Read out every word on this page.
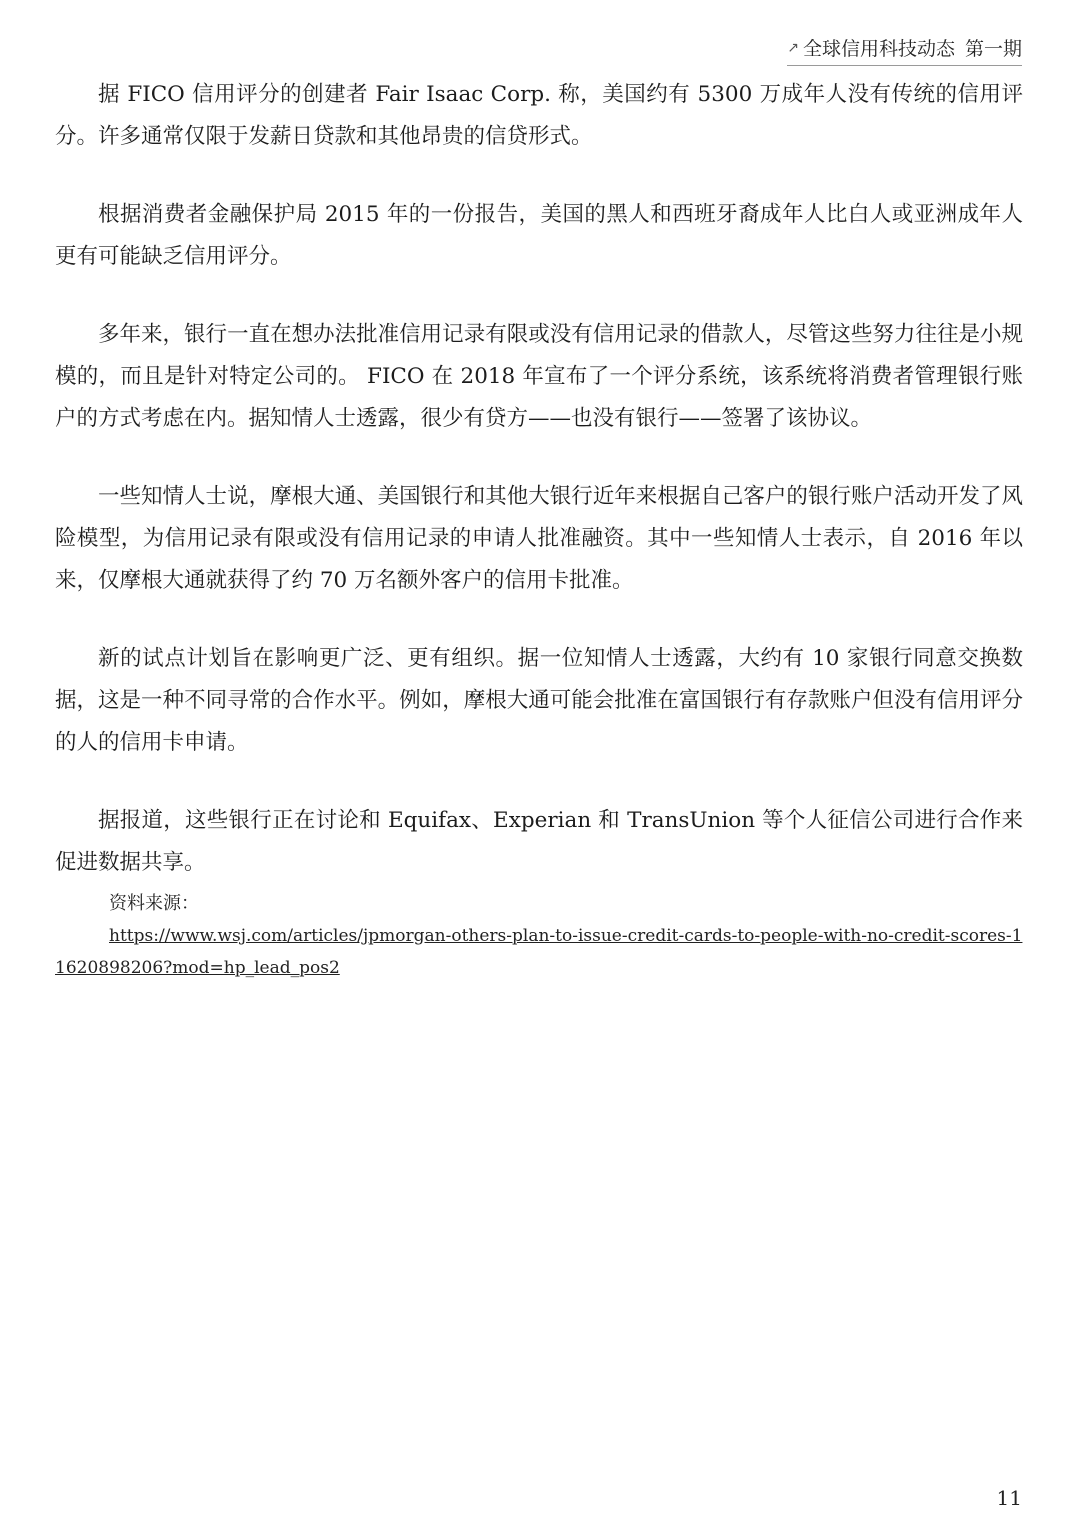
↗ 全球信用科技动态 第一期

据 FICO 信用评分的创建者 Fair Isaac Corp. 称，美国约有 5300 万成年人没有传统的信用评分。许多通常仅限于发薪日贷款和其他昂贵的信贷形式。

根据消费者金融保护局 2015 年的一份报告，美国的黑人和西班牙裔成年人比白人或亚洲成年人更有可能缺乏信用评分。

多年来，银行一直在想办法批准信用记录有限或没有信用记录的借款人，尽管这些努力往往是小规模的，而且是针对特定公司的。 FICO 在 2018 年宣布了一个评分系统，该系统将消费者管理银行账户的方式考虑在内。据知情人士透露，很少有贷方——也没有银行——签署了该协议。

一些知情人士说，摩根大通、美国银行和其他大银行近年来根据自己客户的银行账户活动开发了风险模型，为信用记录有限或没有信用记录的申请人批准融资。其中一些知情人士表示，自 2016 年以来，仅摩根大通就获得了约 70 万名额外客户的信用卡批准。

新的试点计划旨在影响更广泛、更有组织。据一位知情人士透露，大约有 10 家银行同意交换数据，这是一种不同寻常的合作水平。例如，摩根大通可能会批准在富国银行有存款账户但没有信用评分的人的信用卡申请。

据报道，这些银行正在讨论和 Equifax、Experian 和 TransUnion 等个人征信公司进行合作来促进数据共享。

资料来源：
https://www.wsj.com/articles/jpmorgan-others-plan-to-issue-credit-cards-to-people-with-no-credit-scores-11620898206?mod=hp_lead_pos2
11
